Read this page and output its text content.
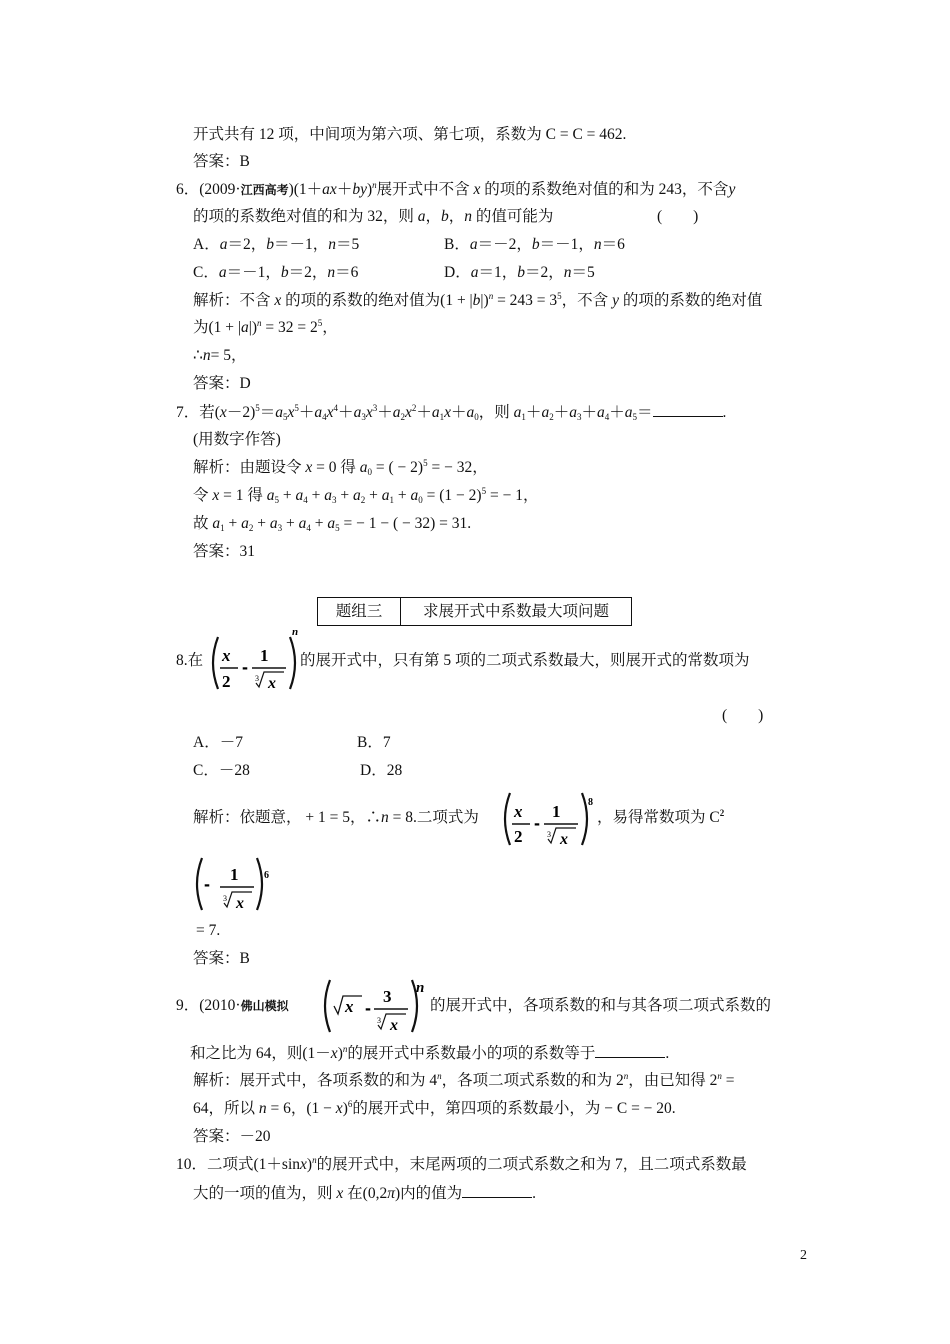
开式共有 12 项，中间项为第六项、第七项，系数为 C = C = 462.
答案：B
6．(2009·江西高考)$(1+ax+by)^n$展开式中不含 x 的项的系数绝对值的和为 243，不含y
的项的系数绝对值的和为 32，则 a，b，n 的值可能为	(　　)
A．a＝2，b＝－1，n＝5	B．a＝－2，b＝－1，n＝6
C．a＝－1，b＝2，n＝6	D．a＝1，b＝2，n＝5
解析：不含 x 的项的系数的绝对值为$(1 + |b|)^n = 243 = 3^5$，不含 y 的项的系数的绝对值
为$(1 + |a|)^n = 32 = 2^5$，
∴n= 5，
答案：D
7．若$(x-2)^5=a_5x^5+a_4x^4+a_3x^3+a_2x^2+a_1x+a_0$，则 $a_1+a_2+a_3+a_4+a_5=$	.
(用数字作答)
解析：由题设令 x = 0 得 $a_0$ = ( − 2)$^5$ = − 32，
令 x = 1 得 $a_5 + a_4 + a_3 + a_2 + a_1 + a_0 = (1 - 2)^5$ = − 1，
故 $a_1 + a_2 + a_3 + a_4 + a_5$ = − 1 − ( − 32) = 31.
答案：31
题组三	求展开式中系数最大项问题
8.在 x
2
-
1
3 x
n
的展开式中，只有第 5 项的二项式系数最大，则展开式的常数项为
(　　)
A．－7	B．7
C．－28	D．28
解析：依题意， + 1 = 5，∴n = 8.二项式为 x
2
-
1
3 x
8
，易得常数项为 $C^2$
- 1
3 x
6
= 7.
答案：B
9．(2010·佛山模拟	x -
3
3 x
n
的展开式中，各项系数的和与其各项二项式系数的
和之比为 64，则$(1-x)^n$的展开式中系数最小的项的系数等于	.
解析：展开式中，各项系数的和为 4$^n$，各项二项式系数的和为 2$^n$，由已知得 $2^n$ =
64，所以 n = 6，$(1 - x)^6$的展开式中，第四项的系数最小，为 − C = − 20.
答案：－20
10．二项式$(1+\sin x)^n$的展开式中，末尾两项的二项式系数之和为 7，且二项式系数最
大的一项的值为，则 x 在(0,2π)内的值为	.
2
